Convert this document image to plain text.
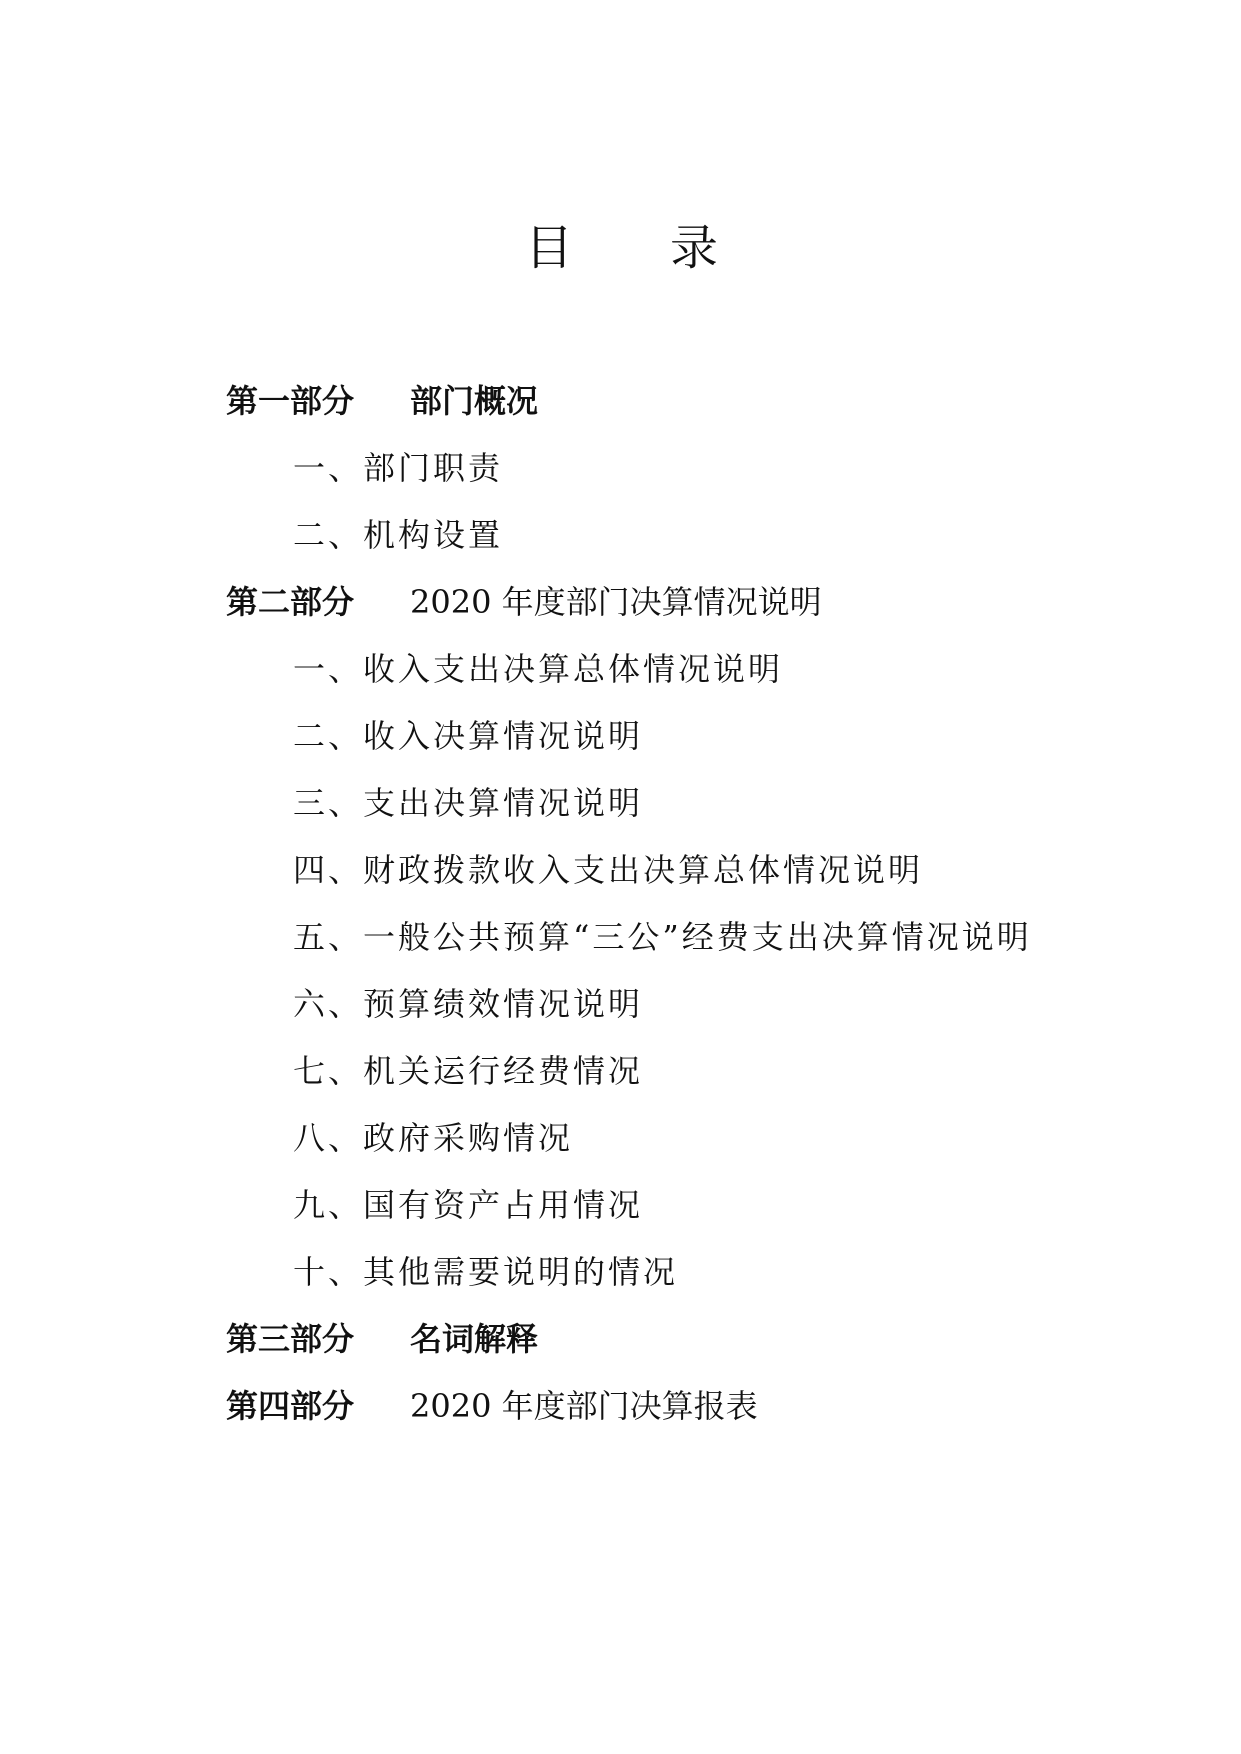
目 录
第一部分 部门概况
一、部门职责
二、机构设置
第二部分 2020 年度部门决算情况说明
一、收入支出决算总体情况说明
二、收入决算情况说明
三、支出决算情况说明
四、财政拨款收入支出决算总体情况说明
五、一般公共预算“三公”经费支出决算情况说明
六、预算绩效情况说明
七、机关运行经费情况
八、政府采购情况
九、国有资产占用情况
十、其他需要说明的情况
第三部分 名词解释
第四部分 2020 年度部门决算报表
